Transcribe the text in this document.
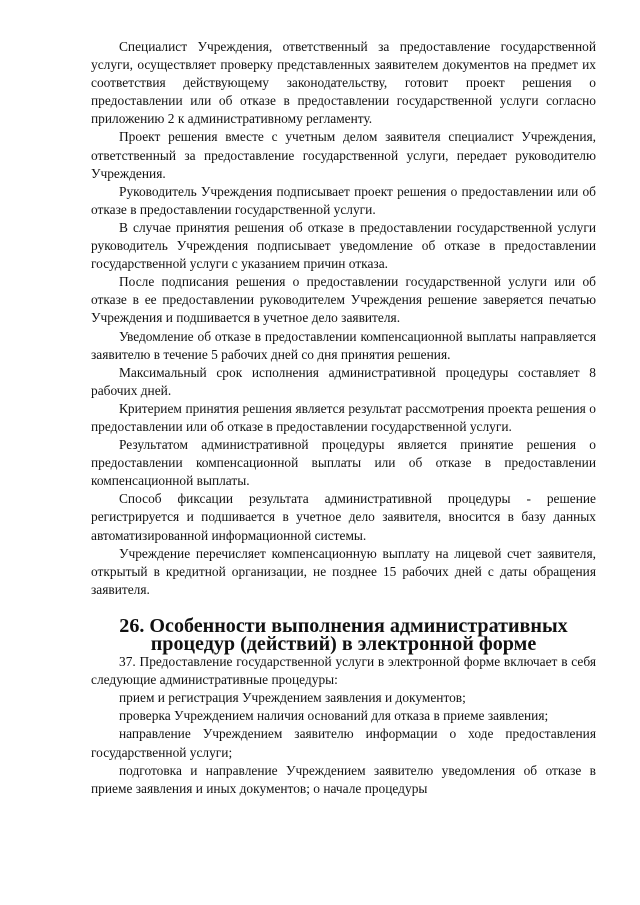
Специалист Учреждения, ответственный за предоставление государственной услуги, осуществляет проверку представленных заявителем документов на предмет их соответствия действующему законодательству, готовит проект решения о предоставлении или об отказе в предоставлении государственной услуги согласно приложению 2 к административному регламенту.

Проект решения вместе с учетным делом заявителя специалист Учреждения, ответственный за предоставление государственной услуги, передает руководителю Учреждения.

Руководитель Учреждения подписывает проект решения о предоставлении или об отказе в предоставлении государственной услуги.

В случае принятия решения об отказе в предоставлении государственной услуги руководитель Учреждения подписывает уведомление об отказе в предоставлении государственной услуги с указанием причин отказа.

После подписания решения о предоставлении государственной услуги или об отказе в ее предоставлении руководителем Учреждения решение заверяется печатью Учреждения и подшивается в учетное дело заявителя.

Уведомление об отказе в предоставлении компенсационной выплаты направляется заявителю в течение 5 рабочих дней со дня принятия решения.

Максимальный срок исполнения административной процедуры составляет 8 рабочих дней.

Критерием принятия решения является результат рассмотрения проекта решения о предоставлении или об отказе в предоставлении государственной услуги.

Результатом административной процедуры является принятие решения о предоставлении компенсационной выплаты или об отказе в предоставлении компенсационной выплаты.

Способ фиксации результата административной процедуры - решение регистрируется и подшивается в учетное дело заявителя, вносится в базу данных автоматизированной информационной системы.

Учреждение перечисляет компенсационную выплату на лицевой счет заявителя, открытый в кредитной организации, не позднее 15 рабочих дней с даты обращения заявителя.

26. Особенности выполнения административных
процедур (действий) в электронной форме

37. Предоставление государственной услуги в электронной форме включает в себя следующие административные процедуры:

прием и регистрация Учреждением заявления и документов;

проверка Учреждением наличия оснований для отказа в приеме заявления;

направление Учреждением заявителю информации о ходе предоставления государственной услуги;

подготовка и направление Учреждением заявителю уведомления об отказе в приеме заявления и иных документов; о начале процедуры
